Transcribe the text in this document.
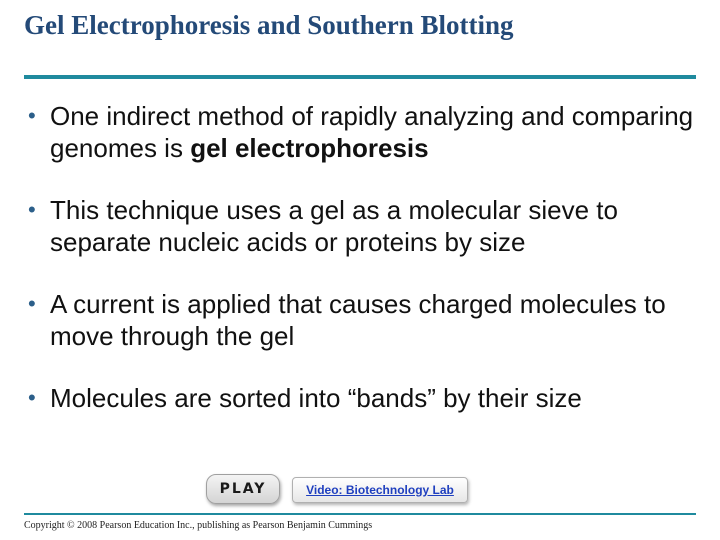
Gel Electrophoresis and Southern Blotting
• One indirect method of rapidly analyzing and comparing genomes is gel electrophoresis
• This technique uses a gel as a molecular sieve to separate nucleic acids or proteins by size
• A current is applied that causes charged molecules to move through the gel
• Molecules are sorted into “bands” by their size
PLAY	Video: Biotechnology Lab
Copyright © 2008 Pearson Education Inc., publishing as Pearson Benjamin Cummings
